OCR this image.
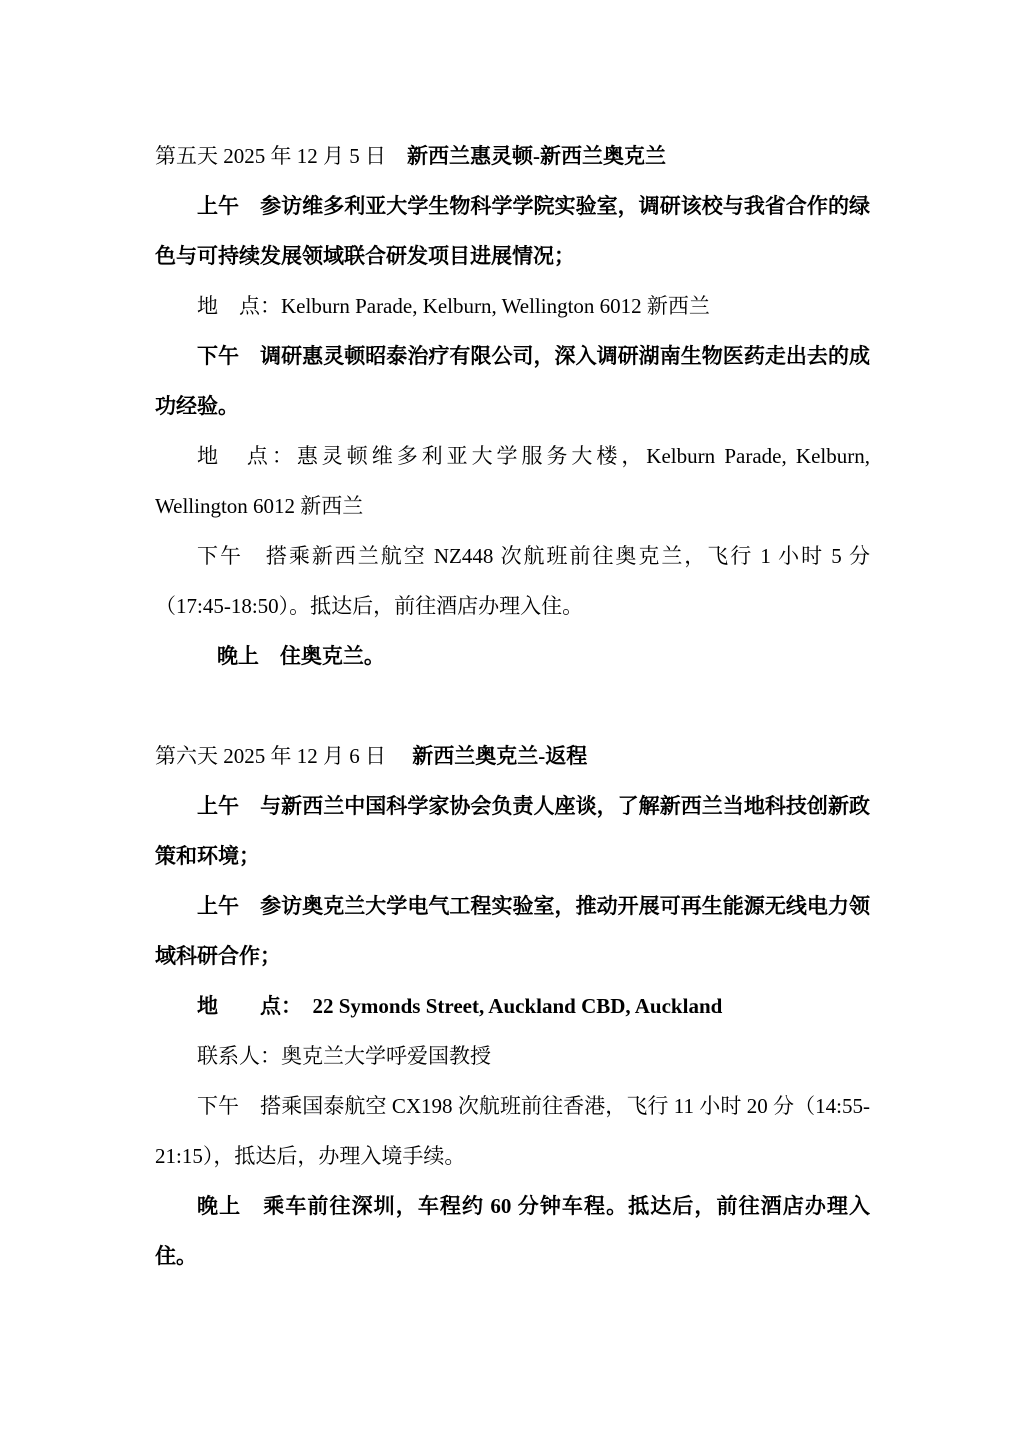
第五天 2025 年 12 月 5 日　新西兰惠灵顿-新西兰奥克兰

上午　参访维多利亚大学生物科学学院实验室，调研该校与我省合作的绿色与可持续发展领域联合研发项目进展情况；

地　点：Kelburn Parade, Kelburn, Wellington 6012 新西兰

下午　调研惠灵顿昭泰治疗有限公司，深入调研湖南生物医药走出去的成功经验。

地　点：惠灵顿维多利亚大学服务大楼，Kelburn Parade, Kelburn, Wellington 6012 新西兰

下午　搭乘新西兰航空 NZ448 次航班前往奥克兰，飞行 1 小时 5 分（17:45-18:50）。抵达后，前往酒店办理入住。

晚上　住奥克兰。

第六天 2025 年 12 月 6 日　 新西兰奥克兰-返程

上午　与新西兰中国科学家协会负责人座谈，了解新西兰当地科技创新政策和环境；

上午　参访奥克兰大学电气工程实验室，推动开展可再生能源无线电力领域科研合作；

地　　点：　22 Symonds Street, Auckland CBD, Auckland

联系人：奥克兰大学呼爱国教授

下午　搭乘国泰航空 CX198 次航班前往香港，飞行 11 小时 20 分（14:55-21:15），抵达后，办理入境手续。

晚上　乘车前往深圳，车程约 60 分钟车程。抵达后，前往酒店办理入住。
